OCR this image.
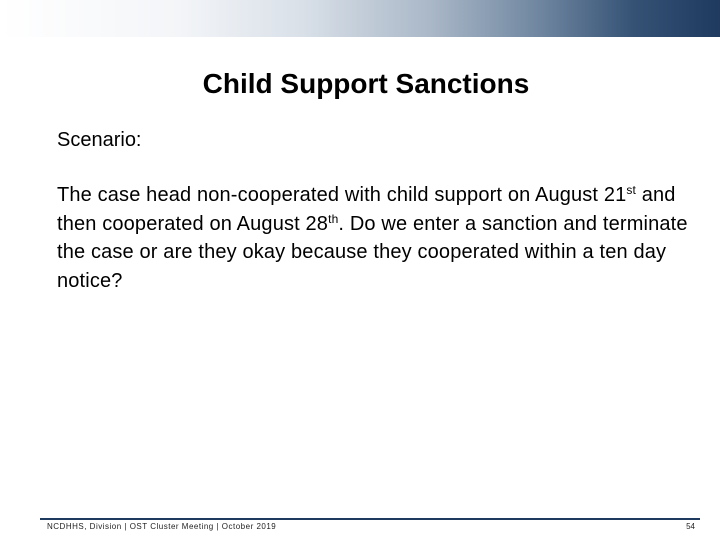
Child Support Sanctions
Scenario:
The case head non-cooperated with child support on August 21st and then cooperated on August 28th. Do we enter a sanction and terminate the case or are they okay because they cooperated within a ten day notice?
NCDHHS, Division | OST Cluster Meeting | October 2019	54
